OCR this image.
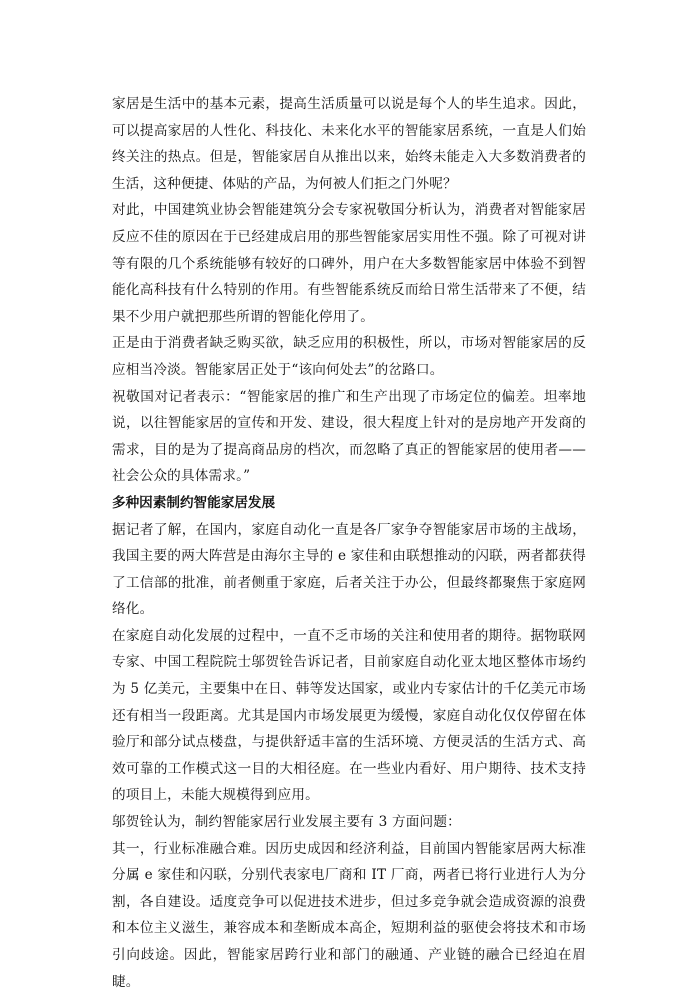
家居是生活中的基本元素，提高生活质量可以说是每个人的毕生追求。因此，可以提高家居的人性化、科技化、未来化水平的智能家居系统，一直是人们始终关注的热点。但是，智能家居自从推出以来，始终未能走入大多数消费者的生活，这种便捷、体贴的产品，为何被人们拒之门外呢？

对此，中国建筑业协会智能建筑分会专家祝敬国分析认为，消费者对智能家居反应不佳的原因在于已经建成启用的那些智能家居实用性不强。除了可视对讲等有限的几个系统能够有较好的口碑外，用户在大多数智能家居中体验不到智能化高科技有什么特别的作用。有些智能系统反而给日常生活带来了不便，结果不少用户就把那些所谓的智能化停用了。

正是由于消费者缺乏购买欲，缺乏应用的积极性，所以，市场对智能家居的反应相当冷淡。智能家居正处于“该向何处去”的岔路口。

祝敬国对记者表示：“智能家居的推广和生产出现了市场定位的偏差。坦率地说，以往智能家居的宣传和开发、建设，很大程度上针对的是房地产开发商的需求，目的是为了提高商品房的档次，而忽略了真正的智能家居的使用者——社会公众的具体需求。”

多种因素制约智能家居发展

据记者了解，在国内，家庭自动化一直是各厂家争夺智能家居市场的主战场，我国主要的两大阵营是由海尔主导的 e 家佳和由联想推动的闪联，两者都获得了工信部的批准，前者侧重于家庭，后者关注于办公，但最终都聚焦于家庭网络化。

在家庭自动化发展的过程中，一直不乏市场的关注和使用者的期待。据物联网专家、中国工程院院士邬贺铨告诉记者，目前家庭自动化亚太地区整体市场约为 5 亿美元，主要集中在日、韩等发达国家，或业内专家估计的千亿美元市场还有相当一段距离。尤其是国内市场发展更为缓慢，家庭自动化仅仅停留在体验厅和部分试点楼盘，与提供舒适丰富的生活环境、方便灵活的生活方式、高效可靠的工作模式这一目的大相径庭。在一些业内看好、用户期待、技术支持的项目上，未能大规模得到应用。

邬贺铨认为，制约智能家居行业发展主要有 3 方面问题：

其一，行业标准融合难。因历史成因和经济利益，目前国内智能家居两大标准分属 e 家佳和闪联，分别代表家电厂商和 IT 厂商，两者已将行业进行人为分割，各自建设。适度竞争可以促进技术进步，但过多竞争就会造成资源的浪费和本位主义滋生，兼容成本和垄断成本高企，短期利益的驱使会将技术和市场引向歧途。因此，智能家居跨行业和部门的融通、产业链的融合已经迫在眉睫。
